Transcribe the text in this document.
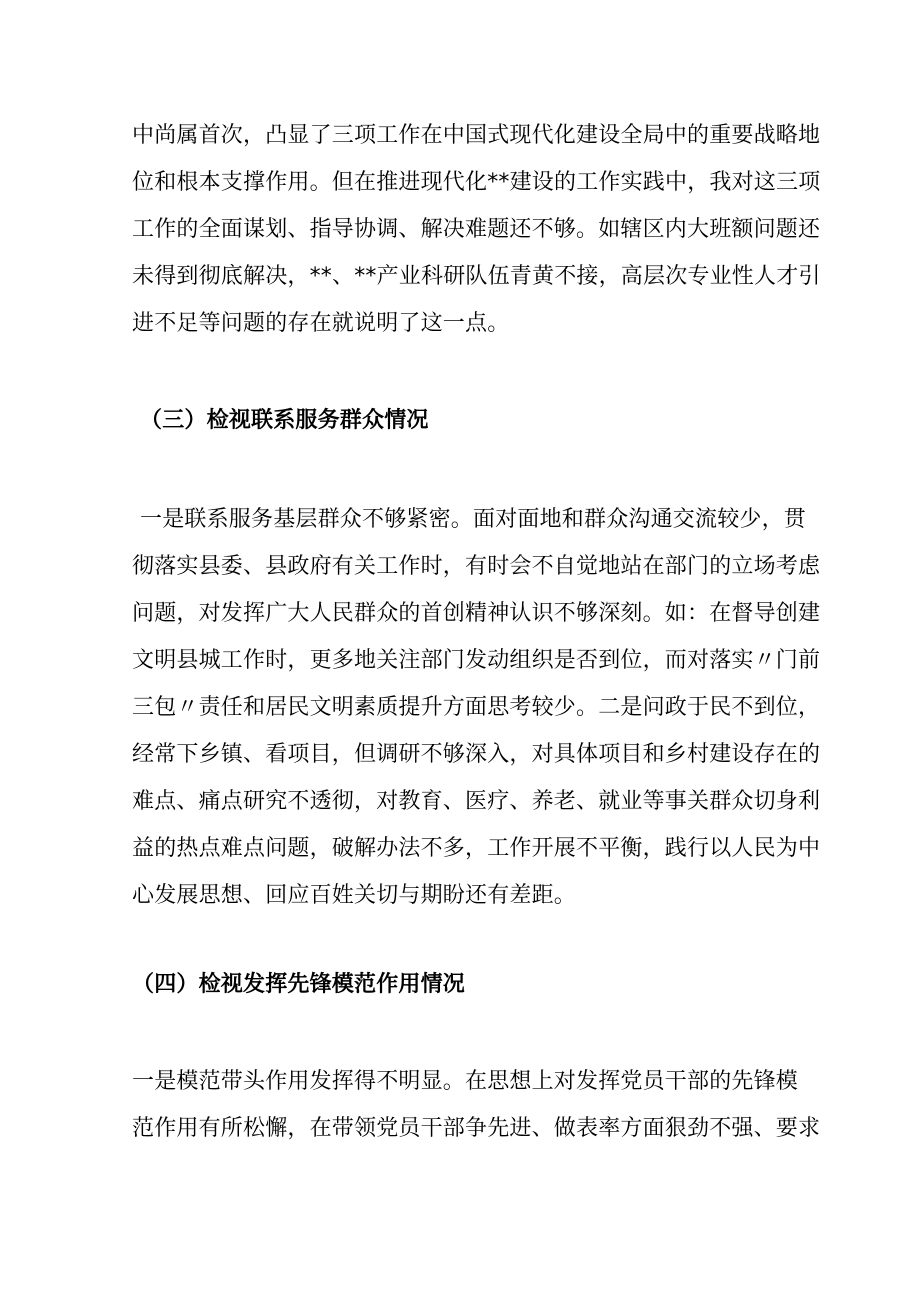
中尚属首次，凸显了三项工作在中国式现代化建设全局中的重要战略地
位和根本支撑作用。但在推进现代化**建设的工作实践中，我对这三项
工作的全面谋划、指导协调、解决难题还不够。如辖区内大班额问题还
未得到彻底解决，**、**产业科研队伍青黄不接，高层次专业性人才引
进不足等问题的存在就说明了这一点。
（三）检视联系服务群众情况
一是联系服务基层群众不够紧密。面对面地和群众沟通交流较少，贯
彻落实县委、县政府有关工作时，有时会不自觉地站在部门的立场考虑
问题，对发挥广大人民群众的首创精神认识不够深刻。如：在督导创建
文明县城工作时，更多地关注部门发动组织是否到位，而对落实〃门前
三包〃责任和居民文明素质提升方面思考较少。二是问政于民不到位，
经常下乡镇、看项目，但调研不够深入，对具体项目和乡村建设存在的
难点、痛点研究不透彻，对教育、医疗、养老、就业等事关群众切身利
益的热点难点问题，破解办法不多，工作开展不平衡，践行以人民为中
心发展思想、回应百姓关切与期盼还有差距。
（四）检视发挥先锋模范作用情况
一是模范带头作用发挥得不明显。在思想上对发挥党员干部的先锋模
范作用有所松懈，在带领党员干部争先进、做表率方面狠劲不强、要求
